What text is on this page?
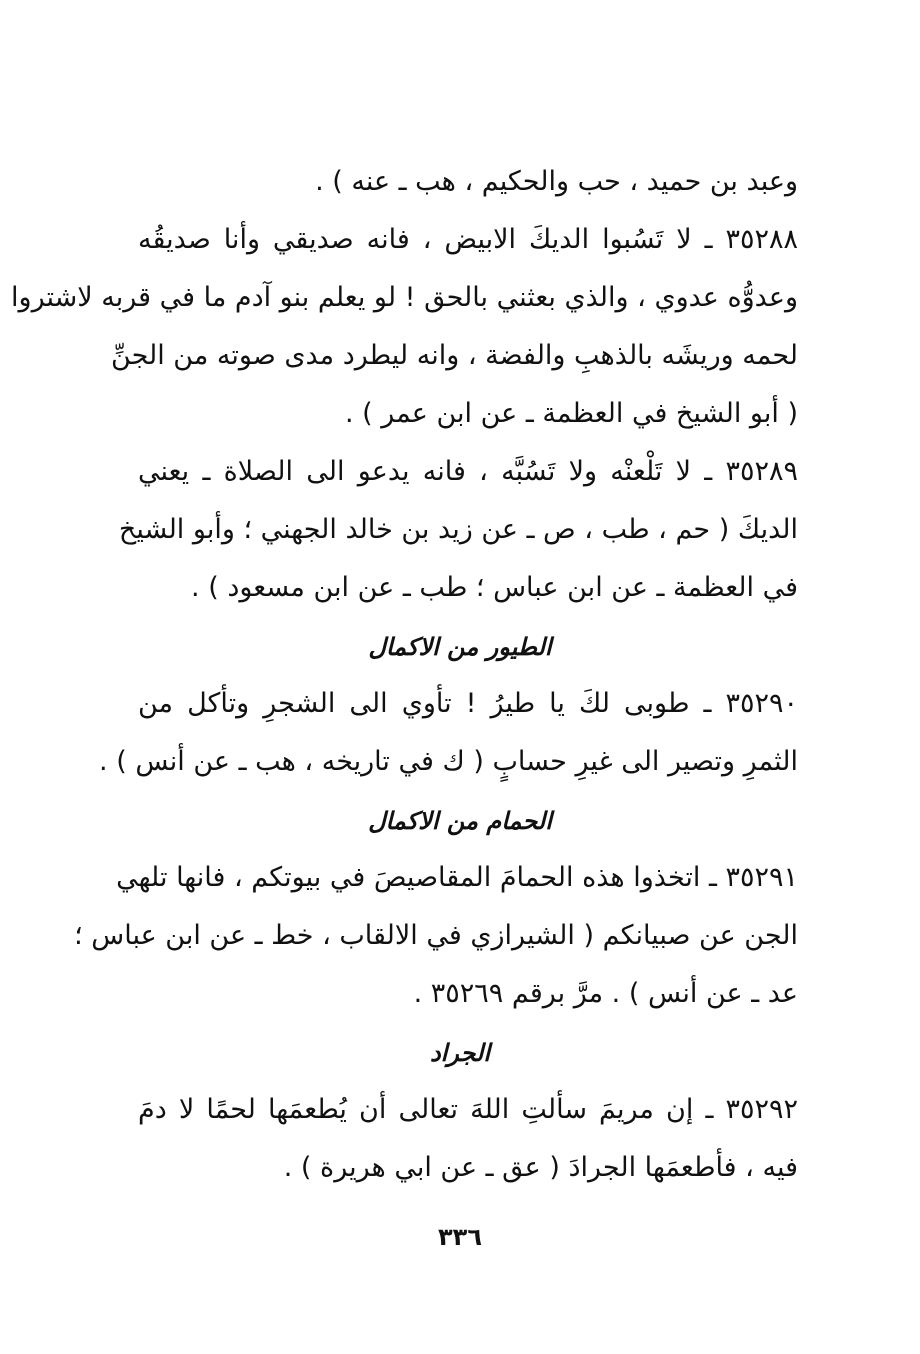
وعبد بن حميد ، حب والحكيم ، هب ـ عنه ) .
٣٥٢٨٨ ـ لا تَسُبوا الديكَ الابيض ، فانه صديقي وأنا صديقُه
وعدوُّه عدوي ، والذي بعثني بالحق ! لو يعلم بنو آدم ما في قربه لاشتروا
لحمه وريشَه بالذهبِ والفضة ، وانه ليطرد مدى صوته من الجنِّ
( أبو الشيخ في العظمة ـ عن ابن عمر ) .
٣٥٢٨٩ ـ لا تَلْعنْه ولا تَسُبَّه ، فانه يدعو الى الصلاة ـ يعني
الديكَ ( حم ، طب ، ص ـ عن زيد بن خالد الجهني ؛ وأبو الشيخ
في العظمة ـ عن ابن عباس ؛ طب ـ عن ابن مسعود ) .
الطيور من الاكمال
٣٥٢٩٠ ـ طوبى لكَ يا طيرُ ! تأوي الى الشجرِ وتأكل من
الثمرِ وتصير الى غيرِ حسابٍ ( ك في تاريخه ، هب ـ عن أنس ) .
الحمام من الاكمال
٣٥٢٩١ ـ اتخذوا هذه الحمامَ المقاصيصَ في بيوتكم ، فانها تلهي
الجن عن صبيانكم ( الشيرازي في الالقاب ، خط ـ عن ابن عباس ؛
عد ـ عن أنس ) . مرَّ برقم ٣٥٢٦٩ .
الجراد
٣٥٢٩٢ ـ إن مريمَ سألتِ اللهَ تعالى أن يُطعمَها لحمًا لا دمَ
فيه ، فأطعمَها الجرادَ ( عق ـ عن ابي هريرة ) .
٣٣٦
